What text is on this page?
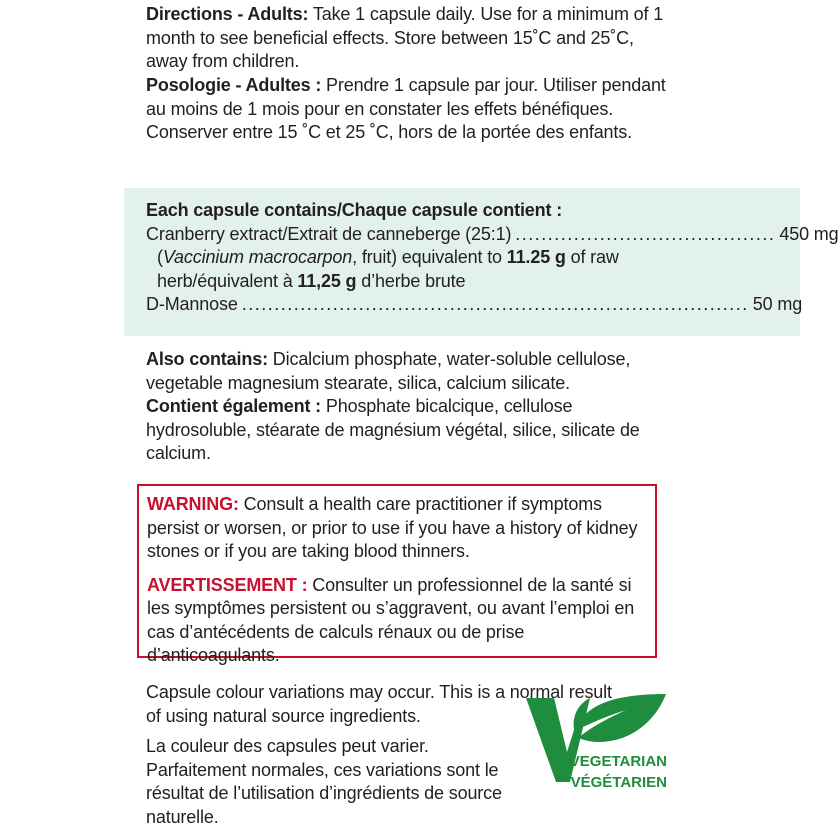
Directions - Adults: Take 1 capsule daily. Use for a minimum of 1 month to see beneficial effects. Store between 15˚C and 25˚C, away from children.
Posologie - Adultes : Prendre 1 capsule par jour. Utiliser pendant au moins de 1 mois pour en constater les effets bénéfiques. Conserver entre 15 ˚C et 25 ˚C, hors de la portée des enfants.
Each capsule contains/Chaque capsule contient :
Cranberry extract/Extrait de canneberge (25:1) ........................................ 450 mg
(Vaccinium macrocarpon, fruit) equivalent to 11.25 g of raw
herb/équivalent à 11,25 g d’herbe brute
D-Mannose .............................................................................. 50 mg
Also contains: Dicalcium phosphate, water-soluble cellulose, vegetable magnesium stearate, silica, calcium silicate.
Contient également : Phosphate bicalcique, cellulose hydrosoluble, stéarate de magnésium végétal, silice, silicate de calcium.
WARNING: Consult a health care practitioner if symptoms persist or worsen, or prior to use if you have a history of kidney stones or if you are taking blood thinners.
AVERTISSEMENT : Consulter un professionnel de la santé si les symptômes persistent ou s’aggravent, ou avant l’emploi en cas d’antécédents de calculs rénaux ou de prise d’anticoagulants.
Capsule colour variations may occur. This is a normal result of using natural source ingredients.
La couleur des capsules peut varier. Parfaitement normales, ces variations sont le résultat de l’utilisation d’ingrédients de source naturelle.
VEGETARIAN
VÉGÉTARIEN
